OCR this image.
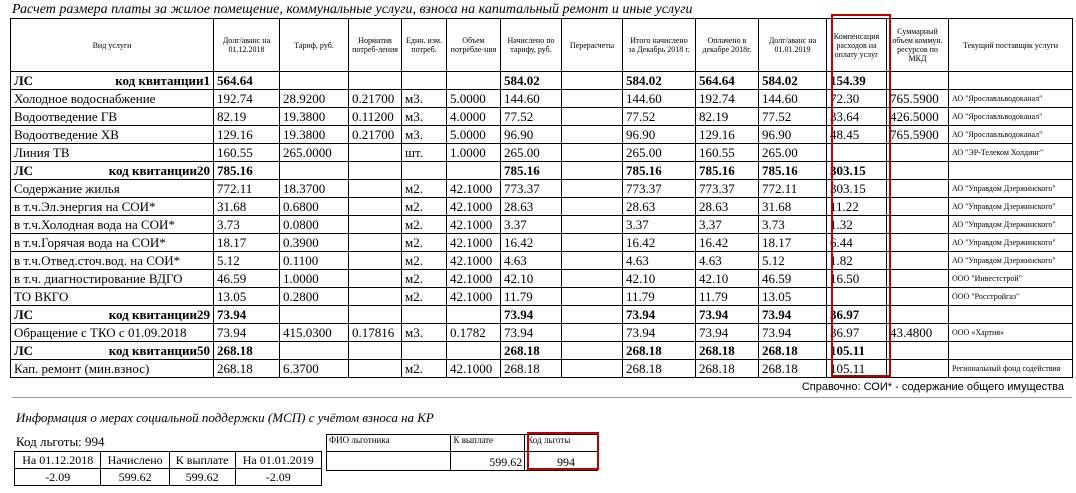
Расчет размера платы за жилое помещение, коммунальные услуги, взноса на капитальный ремонт и иные услуги
Вид услуги	Долг/аванс на 01.12.2018	Тариф, руб.	Норматив потреб-ления	Един. изм. потреб.	Объем потребле-ния	Начислено по тарифу, руб.	Перерасчеты	Итого начислено за Декабрь 2018 г.	Оплачено в декабре 2018г.	Долг/аванс на 01.01.2019	Компенсация расходов на оплату услуг	Суммарный объем коммун. ресурсов по МКД	Текущий поставщик услуги

ЛС код квитанции1	564.64					584.02		584.02	564.64	584.02	154.39		
Холодное водоснабжение	192.74	28.9200	0.21700	м3.	5.0000	144.60		144.60	192.74	144.60	72.30	765.5900	АО "Ярославльводоканал"
Водоотведение ГВ	82.19	19.3800	0.11200	м3.	4.0000	77.52		77.52	82.19	77.52	33.64	426.5000	АО "Ярославльводоканал"
Водоотведение ХВ	129.16	19.3800	0.21700	м3.	5.0000	96.90		96.90	129.16	96.90	48.45	765.5900	АО "Ярославльводоканал"
Линия ТВ	160.55	265.0000		шт.	1.0000	265.00		265.00	160.55	265.00			АО "ЭР-Телеком Холдинг"

ЛС код квитанции20	785.16					785.16		785.16	785.16	785.16	303.15		
Содержание жилья	772.11	18.3700		м2.	42.1000	773.37		773.37	773.37	772.11	303.15		АО "Управдом Дзержинского"
в т.ч.Эл.энергия на СОИ*	31.68	0.6800		м2.	42.1000	28.63		28.63	28.63	31.68	11.22		АО "Управдом Дзержинского"
в т.ч.Холодная вода на СОИ*	3.73	0.0800		м2.	42.1000	3.37		3.37	3.37	3.73	1.32		АО "Управдом Дзержинского"
в т.ч.Горячая вода на СОИ*	18.17	0.3900		м2.	42.1000	16.42		16.42	16.42	18.17	6.44		АО "Управдом Дзержинского"
в т.ч.Отвед.сточ.вод. на СОИ*	5.12	0.1100		м2.	42.1000	4.63		4.63	4.63	5.12	1.82		АО "Управдом Дзержинского"
в т.ч. диагностирование ВДГО	46.59	1.0000		м2.	42.1000	42.10		42.10	42.10	46.59	16.50		ООО "Инвестстрой"
ТО ВКГО	13.05	0.2800		м2.	42.1000	11.79		11.79	11.79	13.05			ООО "Росстройгаз"

ЛС код квитанции29	73.94					73.94		73.94	73.94	73.94	36.97		
Обращение с ТКО с 01.09.2018	73.94	415.0300	0.17816	м3.	0.1782	73.94		73.94	73.94	73.94	36.97	43.4800	ООО «Хартия»

ЛС код квитанции50	268.18					268.18		268.18	268.18	268.18	105.11		
Кап. ремонт (мин.взнос)	268.18	6.3700		м2.	42.1000	268.18		268.18	268.18	268.18	105.11		Региональный фонд содействия
Справочно: СОИ* - содержание общего имущества
Информация о мерах социальной поддержки (МСП) с учётом взноса на КР
Код льготы: 994
На 01.12.2018	Начислено	К выплате	На 01.01.2019
-2.09	599.62	599.62	-2.09
ФИО льготника	К выплате	Код льготы
	599.62	994
